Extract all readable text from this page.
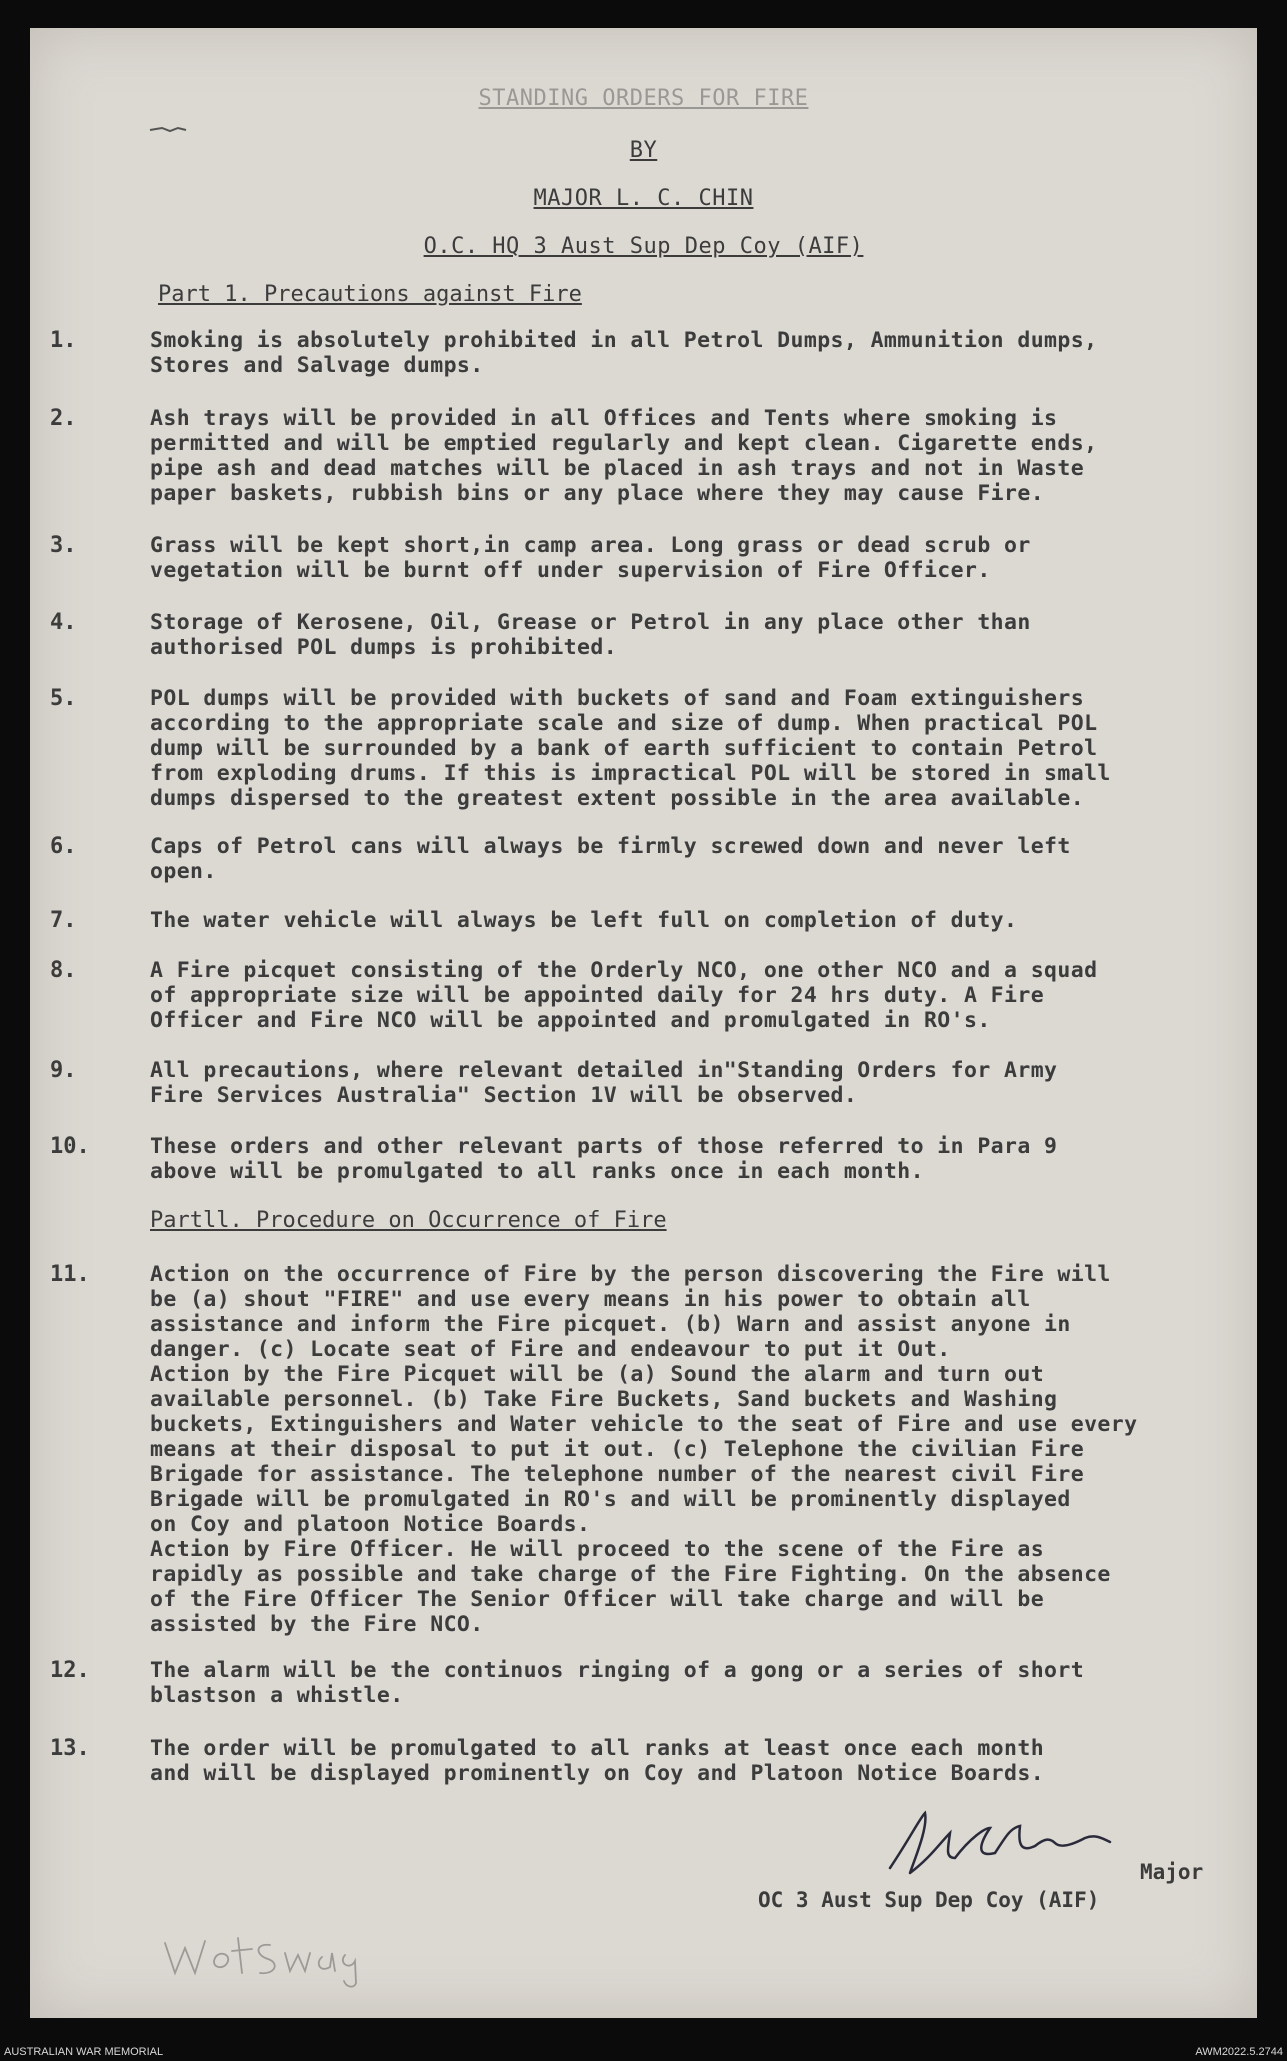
STANDING ORDERS FOR FIRE
BY
MAJOR L. C. CHIN
O.C. HQ 3 Aust Sup Dep Coy (AIF)
Part 1. Precautions against Fire
1.	Smoking is absolutely prohibited in all Petrol Dumps, Ammunition dumps,
Stores and Salvage dumps.
2.	Ash trays will be provided in all Offices and Tents where smoking is
permitted and will be emptied regularly and kept clean. Cigarette ends,
pipe ash and dead matches will be placed in ash trays and not in Waste
paper baskets, rubbish bins or any place where they may cause Fire.
3.	Grass will be kept short,in camp area. Long grass or dead scrub or
vegetation will be burnt off under supervision of Fire Officer.
4.	Storage of Kerosene, Oil, Grease or Petrol in any place other than
authorised POL dumps is prohibited.
5.	POL dumps will be provided with buckets of sand and Foam extinguishers
according to the appropriate scale and size of dump. When practical POL
dump will be surrounded by a bank of earth sufficient to contain Petrol
from exploding drums. If this is impractical POL will be stored in small
dumps dispersed to the greatest extent possible in the area available.
6.	Caps of Petrol cans will always be firmly screwed down and never left
open.
7.	The water vehicle will always be left full on completion of duty.
8.	A Fire picquet consisting of the Orderly NCO, one other NCO and a squad
of appropriate size will be appointed daily for 24 hrs duty. A Fire
Officer and Fire NCO will be appointed and promulgated in RO's.
9.	All precautions, where relevant detailed in"Standing Orders for Army
Fire Services Australia" Section 1V will be observed.
10.	These orders and other relevant parts of those referred to in Para 9
above will be promulgated to all ranks once in each month.
Partll. Procedure on Occurrence of Fire
11.	Action on the occurrence of Fire by the person discovering the Fire will
be (a) shout "FIRE" and use every means in his power to obtain all
assistance and inform the Fire picquet. (b) Warn and assist anyone in
danger. (c) Locate seat of Fire and endeavour to put it Out.
Action by the Fire Picquet will be (a) Sound the alarm and turn out
available personnel. (b) Take Fire Buckets, Sand buckets and Washing
buckets, Extinguishers and Water vehicle to the seat of Fire and use every
means at their disposal to put it out. (c) Telephone the civilian Fire
Brigade for assistance. The telephone number of the nearest civil Fire
Brigade will be promulgated in RO's and will be prominently displayed
on Coy and platoon Notice Boards.
Action by Fire Officer. He will proceed to the scene of the Fire as
rapidly as possible and take charge of the Fire Fighting. On the absence
of the Fire Officer The Senior Officer will take charge and will be
assisted by the Fire NCO.
12.	The alarm will be the continuos ringing of a gong or a series of short
blastson a whistle.
13.	The order will be promulgated to all ranks at least once each month
and will be displayed prominently on Coy and Platoon Notice Boards.
Major
OC 3 Aust Sup Dep Coy (AIF)
AUSTRALIAN WAR MEMORIAL	AWM2022.5.2744
